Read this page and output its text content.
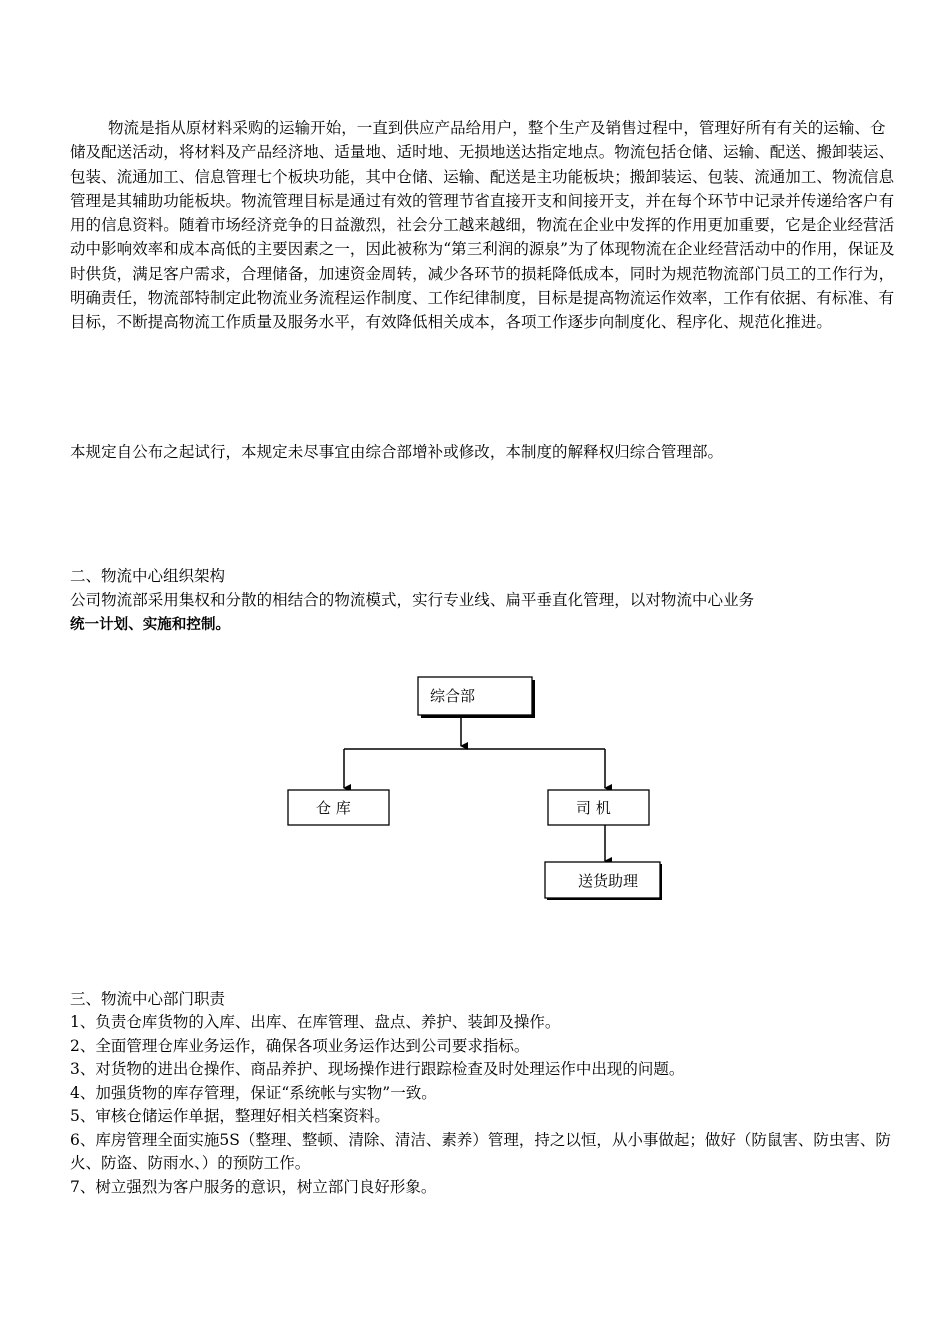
物流是指从原材料采购的运输开始，一直到供应产品给用户，整个生产及销售过程中，管理好所有有关的运输、仓储及配送活动，将材料及产品经济地、适量地、适时地、无损地送达指定地点。物流包括仓储、运输、配送、搬卸装运、包装、流通加工、信息管理七个板块功能，其中仓储、运输、配送是主功能板块；搬卸装运、包装、流通加工、物流信息管理是其辅助功能板块。物流管理目标是通过有效的管理节省直接开支和间接开支，并在每个环节中记录并传递给客户有用的信息资料。随着市场经济竞争的日益激烈，社会分工越来越细，物流在企业中发挥的作用更加重要，它是企业经营活动中影响效率和成本高低的主要因素之一，因此被称为“第三利润的源泉”为了体现物流在企业经营活动中的作用，保证及时供货，满足客户需求，合理储备，加速资金周转，减少各环节的损耗降低成本，同时为规范物流部门员工的工作行为，明确责任，物流部特制定此物流业务流程运作制度、工作纪律制度，目标是提高物流运作效率，工作有依据、有标准、有目标，不断提高物流工作质量及服务水平，有效降低相关成本，各项工作逐步向制度化、程序化、规范化推进。

本规定自公布之起试行，本规定未尽事宜由综合部增补或修改，本制度的解释权归综合管理部。

二、物流中心组织架构

公司物流部采用集权和分散的相结合的物流模式，实行专业线、扁平垂直化管理，以对物流中心业务
统一计划、实施和控制。

综合部
仓 库	司 机
送货助理

三、物流中心部门职责

1、负责仓库货物的入库、出库、在库管理、盘点、养护、装卸及操作。
2、全面管理仓库业务运作，确保各项业务运作达到公司要求指标。
3、对货物的进出仓操作、商品养护、现场操作进行跟踪检查及时处理运作中出现的问题。
4、加强货物的库存管理，保证“系统帐与实物”一致。
5、审核仓储运作单据，整理好相关档案资料。
6、库房管理全面实施5S（整理、整顿、清除、清洁、素养）管理，持之以恒，从小事做起；做好（防鼠害、防虫害、防火、防盗、防雨水、）的预防工作。
7、树立强烈为客户服务的意识，树立部门良好形象。
